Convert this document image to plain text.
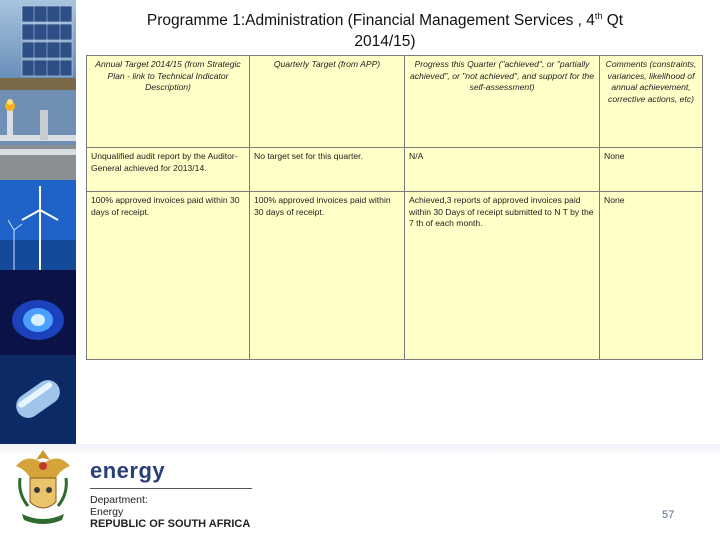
Programme 1:Administration (Financial Management Services , 4th Qt
2014/15)
Annual Target 2014/15 (from Strategic Plan - link to Technical Indicator Description)	Quarterly Target (from APP)	Progress this Quarter ("achieved", or "partially achieved", or "not achieved", and support for the self-assessment)	Comments (constraints, variances, likelihood of annual achievement, corrective actions, etc)
Unqualified audit report by the Auditor-General achieved for 2013/14.	No target set for this quarter.	N/A	None
100% approved invoices paid within 30 days of receipt.	100% approved invoices paid within 30 days of receipt.	Achieved,3 reports of approved invoices paid within 30 Days of receipt submitted to N T by the 7 th of each month.	None
energy
Department:
Energy
REPUBLIC OF SOUTH AFRICA
57
